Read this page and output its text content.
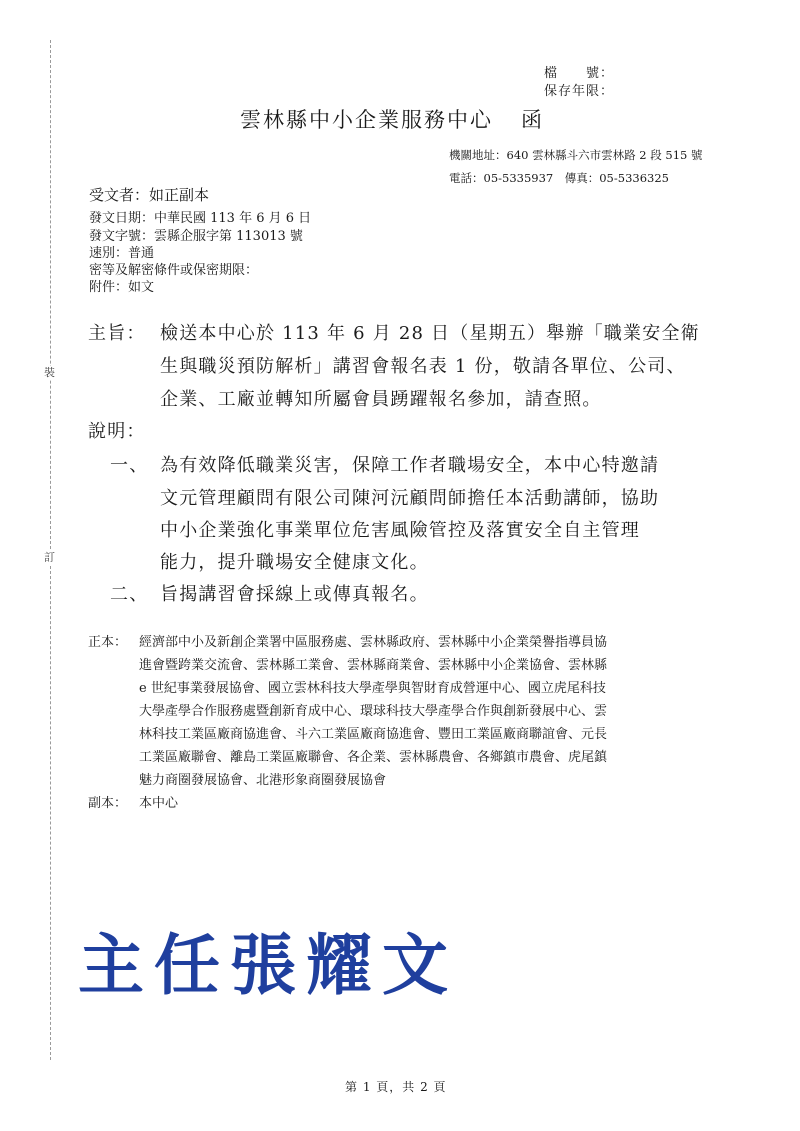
裝
訂
檔　　號：
保存年限：
雲林縣中小企業服務中心 函
機關地址：640 雲林縣斗六市雲林路 2 段 515 號
電話：05-5335937　傳真：05-5336325
受文者：如正副本
發文日期：中華民國 113 年 6 月 6 日
發文字號：雲縣企服字第 113013 號
速別：普通
密等及解密條件或保密期限：
附件：如文
主旨： 檢送本中心於 113 年 6 月 28 日（星期五）舉辦「職業安全衛
生與職災預防解析」講習會報名表 1 份，敬請各單位、公司、
企業、工廠並轉知所屬會員踴躍報名參加，請查照。
說明：
一、 為有效降低職業災害，保障工作者職場安全，本中心特邀請
文元管理顧問有限公司陳河沅顧問師擔任本活動講師，協助
中小企業強化事業單位危害風險管控及落實安全自主管理
能力，提升職場安全健康文化。
二、 旨揭講習會採線上或傳真報名。
正本： 經濟部中小及新創企業署中區服務處、雲林縣政府、雲林縣中小企業榮譽指導員協
進會暨跨業交流會、雲林縣工業會、雲林縣商業會、雲林縣中小企業協會、雲林縣
e 世紀事業發展協會、國立雲林科技大學產學與智財育成營運中心、國立虎尾科技
大學產學合作服務處暨創新育成中心、環球科技大學產學合作與創新發展中心、雲
林科技工業區廠商協進會、斗六工業區廠商協進會、豐田工業區廠商聯誼會、元長
工業區廠聯會、離島工業區廠聯會、各企業、雲林縣農會、各鄉鎮市農會、虎尾鎮
魅力商圈發展協會、北港形象商圈發展協會
副本： 本中心
主 任 張 耀 文
第 1 頁，共 2 頁
